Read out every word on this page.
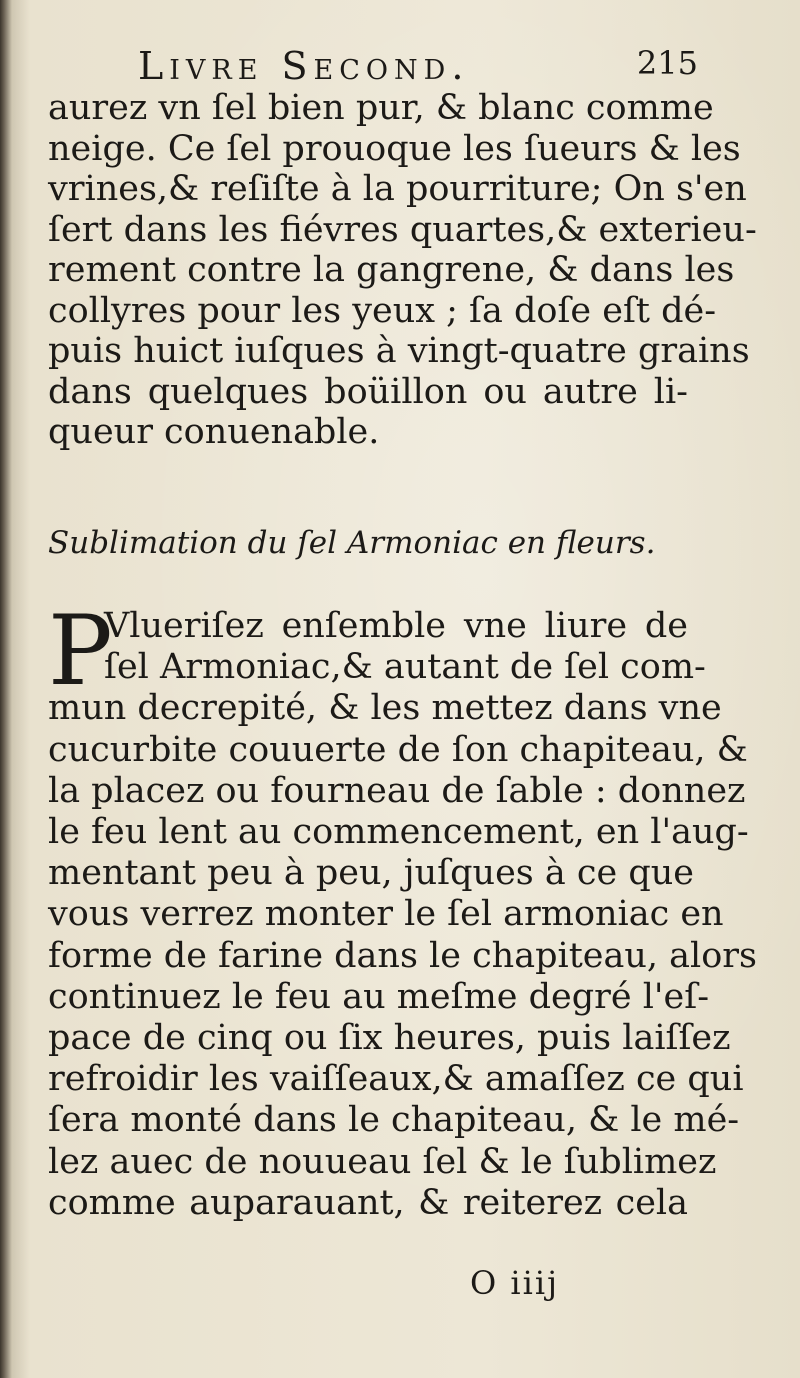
Livre Second.	215
aurez vn ſel bien pur, & blanc comme
neige. Ce ſel prouoque les ſueurs & les
vrines,& reſiſte à la pourriture; On s'en
ſert dans les fiévres quartes,& exterieu-
rement contre la gangrene, & dans les
collyres pour les yeux ; ſa doſe eſt dé-
puis huict iuſques à vingt-quatre grains
dans quelques boüillon ou autre li-
queur conuenable.
Sublimation du ſel Armoniac en fleurs.
P
Vlueriſez enſemble vne liure de
ſel Armoniac,& autant de ſel com-
mun decrepité, & les mettez dans vne
cucurbite couuerte de ſon chapiteau, &
la placez ou fourneau de ſable : donnez
le feu lent au commencement, en l'aug-
mentant peu à peu, juſques à ce que
vous verrez monter le ſel armoniac en
forme de farine dans le chapiteau, alors
continuez le feu au meſme degré l'eſ-
pace de cinq ou ſix heures, puis laiſſez
refroidir les vaiſſeaux,& amaſſez ce qui
ſera monté dans le chapiteau, & le mé-
lez auec de nouueau ſel & le ſublimez
comme auparauant, & reiterez cela
O iiij
